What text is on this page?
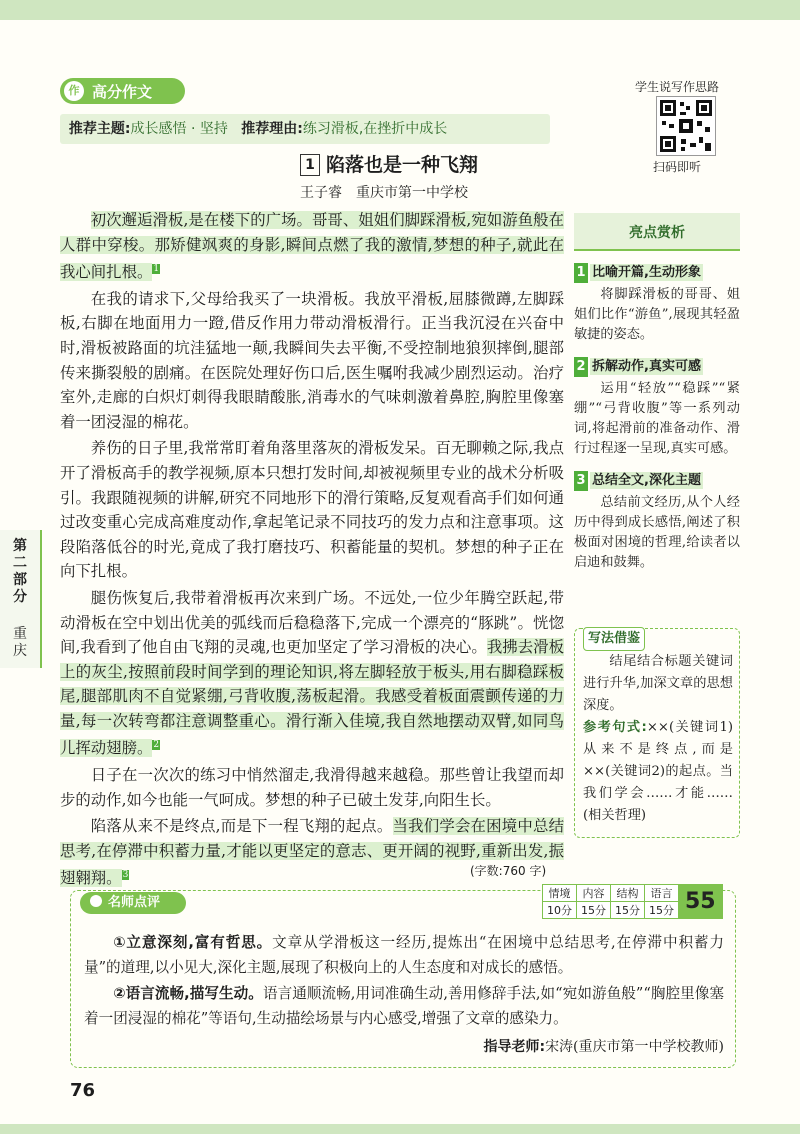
作 高分作文
推荐主题:成长感悟 · 坚持 推荐理由:练习滑板,在挫折中成长
学生说写作思路
扫码即听
1 陷落也是一种飞翔
王子睿　重庆市第一中学校

初次邂逅滑板,是在楼下的广场。哥哥、姐姐们脚踩滑板,宛如游鱼般在人群中穿梭。那矫健飒爽的身影,瞬间点燃了我的激情,梦想的种子,就此在我心间扎根。$^1$

在我的请求下,父母给我买了一块滑板。我放平滑板,屈膝微蹲,左脚踩板,右脚在地面用力一蹬,借反作用力带动滑板滑行。正当我沉浸在兴奋中时,滑板被路面的坑洼猛地一颠,我瞬间失去平衡,不受控制地狼狈摔倒,腿部传来撕裂般的剧痛。在医院处理好伤口后,医生嘱咐我减少剧烈运动。治疗室外,走廊的白炽灯刺得我眼睛酸胀,消毒水的气味刺激着鼻腔,胸腔里像塞着一团浸湿的棉花。

养伤的日子里,我常常盯着角落里落灰的滑板发呆。百无聊赖之际,我点开了滑板高手的教学视频,原本只想打发时间,却被视频里专业的战术分析吸引。我跟随视频的讲解,研究不同地形下的滑行策略,反复观看高手们如何通过改变重心完成高难度动作,拿起笔记录不同技巧的发力点和注意事项。这段陷落低谷的时光,竟成了我打磨技巧、积蓄能量的契机。梦想的种子正在向下扎根。

腿伤恢复后,我带着滑板再次来到广场。不远处,一位少年腾空跃起,带动滑板在空中划出优美的弧线而后稳稳落下,完成一个漂亮的“豚跳”。恍惚间,我看到了他自由飞翔的灵魂,也更加坚定了学习滑板的决心。我拂去滑板上的灰尘,按照前段时间学到的理论知识,将左脚轻放于板头,用右脚稳踩板尾,腿部肌肉不自觉紧绷,弓背收腹,荡板起滑。我感受着板面震颤传递的力量,每一次转弯都注意调整重心。滑行渐入佳境,我自然地摆动双臂,如同鸟儿挥动翅膀。$^2$

日子在一次次的练习中悄然溜走,我滑得越来越稳。那些曾让我望而却步的动作,如今也能一气呵成。梦想的种子已破土发芽,向阳生长。

陷落从来不是终点,而是下一程飞翔的起点。当我们学会在困境中总结思考,在停滞中积蓄力量,才能以更坚定的意志、更开阔的视野,重新出发,振翅翱翔。$^3$	(字数:760 字)
亮点赏析
1 比喻开篇,生动形象
将脚踩滑板的哥哥、姐姐们比作“游鱼”,展现其轻盈敏捷的姿态。
2 拆解动作,真实可感
运用“轻放”“稳踩”“紧绷”“弓背收腹”等一系列动词,将起滑前的准备动作、滑行过程逐一呈现,真实可感。
3 总结全文,深化主题
总结前文经历,从个人经历中得到成长感悟,阐述了积极面对困境的哲理,给读者以启迪和鼓舞。
写法借鉴
结尾结合标题关键词进行升华,加深文章的思想深度。
参考句式:××(关键词1)从来不是终点,而是××(关键词2)的起点。当我们学会……才能……(相关哲理)
名师点评
情境	内容	结构	语言	55
10分	15分	15分	15分	

①立意深刻,富有哲思。文章从学滑板这一经历,提炼出“在困境中总结思考,在停滞中积蓄力量”的道理,以小见大,深化主题,展现了积极向上的人生态度和对成长的感悟。

②语言流畅,描写生动。语言通顺流畅,用词准确生动,善用修辞手法,如“宛如游鱼般”“胸腔里像塞着一团浸湿的棉花”等语句,生动描绘场景与内心感受,增强了文章的感染力。

指导老师:宋涛(重庆市第一中学校教师)
第二部分
重庆
76
